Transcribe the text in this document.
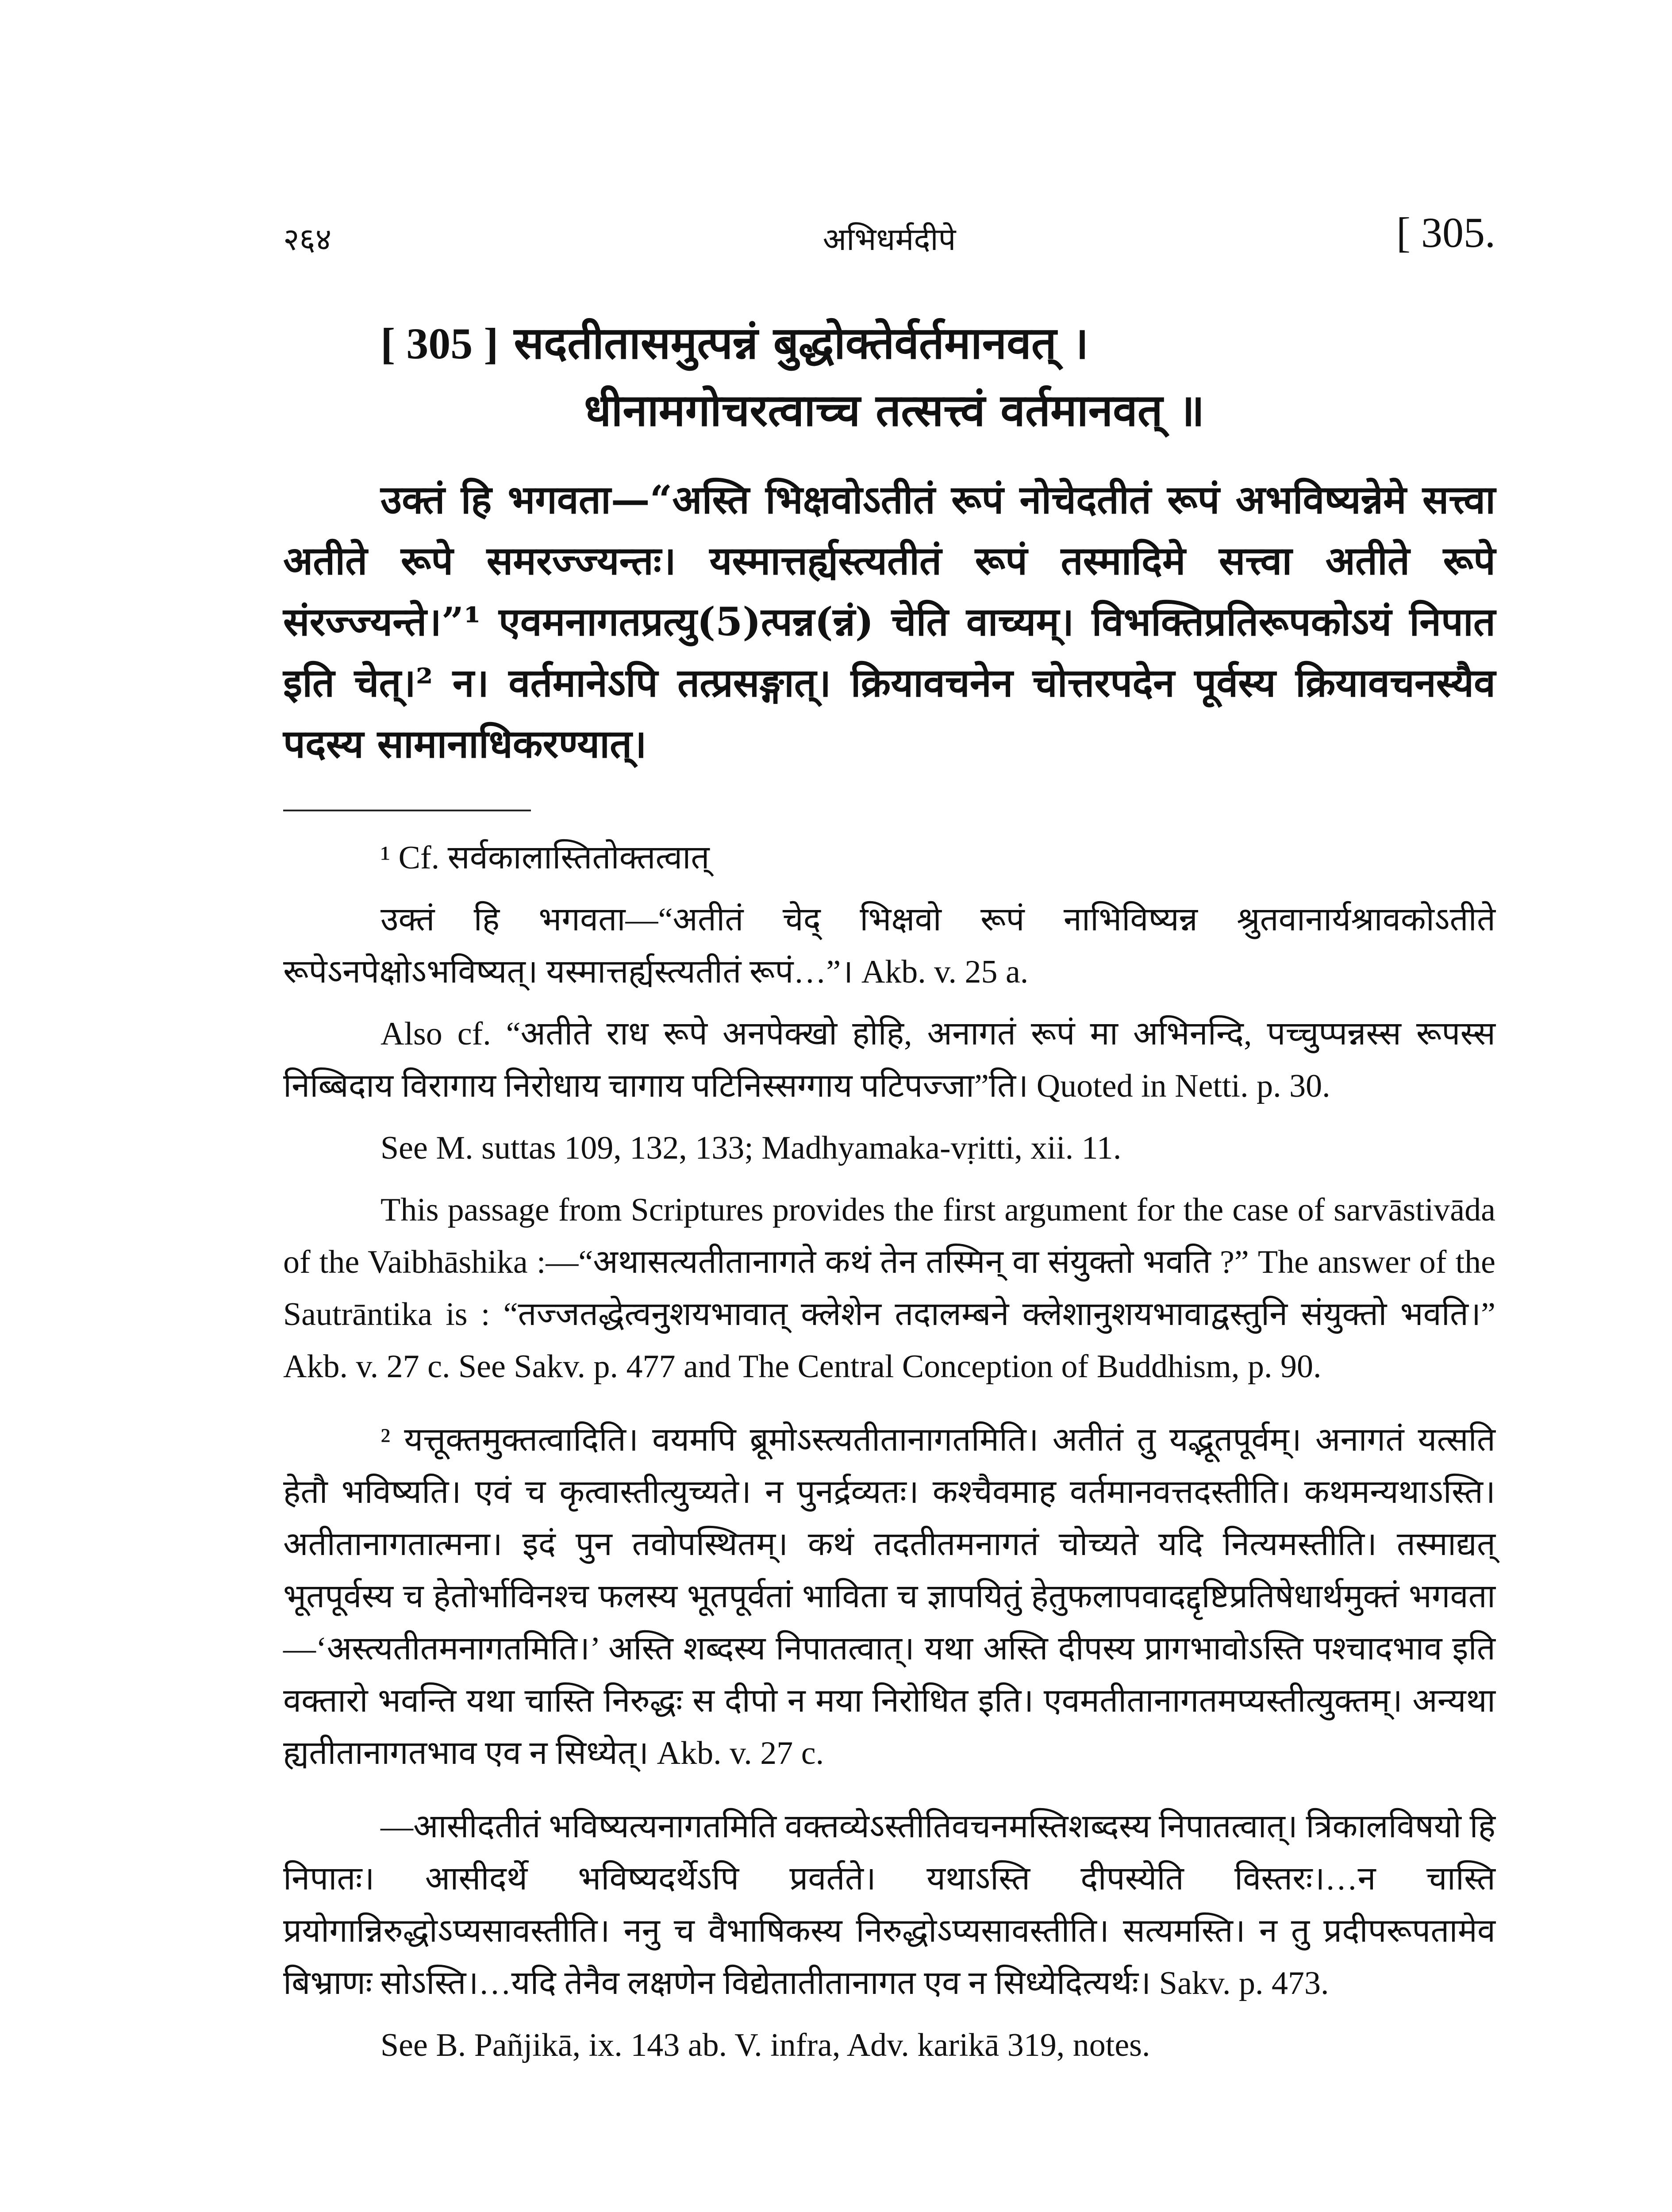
२६४	अभिधर्मदीपे	[ 305.
[ 305 ] सदतीतासमुत्पन्नं बुद्धोक्तेर्वर्तमानवत् ।
धीनामगोचरत्वाच्च तत्सत्त्वं वर्तमानवत् ॥

उक्तं हि भगवता—“अस्ति भिक्षवोऽतीतं रूपं नोचेदतीतं रूपं अभविष्यन्नेमे सत्त्वा अतीते रूपे समरज्ज्यन्तः। यस्मात्तर्ह्यस्त्यतीतं रूपं तस्मादिमे सत्त्वा अतीते रूपे संरज्ज्यन्ते।”¹ एवमनागतप्रत्यु(5)त्पन्न(न्नं) चेति वाच्यम्। विभक्तिप्रतिरूपकोऽयं निपात इति चेत्।² न। वर्तमानेऽपि तत्प्रसङ्गात्। क्रियावचनेन चोत्तरपदेन पूर्वस्य क्रियावचनस्यैव पदस्य सामानाधिकरण्यात्।

¹ Cf. सर्वकालास्तितोक्तत्वात्

उक्तं हि भगवता—“अतीतं चेद् भिक्षवो रूपं नाभिविष्यन्न श्रुतवानार्यश्रावकोऽतीते रूपेऽनपेक्षोऽभविष्यत्। यस्मात्तर्ह्यस्त्यतीतं रूपं…”। Akb. v. 25 a.

Also cf. “अतीते राध रूपे अनपेक्खो होहि, अनागतं रूपं मा अभिनन्दि, पच्चुप्पन्नस्स रूपस्स निब्बिदाय विरागाय निरोधाय चागाय पटिनिस्सग्गाय पटिपज्जा”ति। Quoted in Netti. p. 30.

See M. suttas 109, 132, 133; Madhyamaka-vṛitti, xii. 11.

This passage from Scriptures provides the first argument for the case of sarvāstivāda of the Vaibhāshika :—“अथासत्यतीतानागते कथं तेन तस्मिन् वा संयुक्तो भवति ?” The answer of the Sautrāntika is : “तज्जतद्धेत्वनुशयभावात् क्लेशेन तदालम्बने क्लेशानुशयभावाद्वस्तुनि संयुक्तो भवति।” Akb. v. 27 c. See Sakv. p. 477 and The Central Conception of Buddhism, p. 90.

² यत्तूक्तमुक्तत्वादिति। वयमपि ब्रूमोऽस्त्यतीतानागतमिति। अतीतं तु यद्भूतपूर्वम्। अनागतं यत्सति हेतौ भविष्यति। एवं च कृत्वास्तीत्युच्यते। न पुनर्द्रव्यतः। कश्चैवमाह वर्तमानवत्तदस्तीति। कथमन्यथाऽस्ति। अतीतानागतात्मना। इदं पुन तवोपस्थितम्। कथं तदतीतमनागतं चोच्यते यदि नित्यमस्तीति। तस्माद्यत् भूतपूर्वस्य च हेतोर्भाविनश्च फलस्य भूतपूर्वतां भाविता च ज्ञापयितुं हेतुफलापवादद्दृष्टिप्रतिषेधार्थमुक्तं भगवता—‘अस्त्यतीतमनागतमिति।’ अस्ति शब्दस्य निपातत्वात्। यथा अस्ति दीपस्य प्रागभावोऽस्ति पश्चादभाव इति वक्तारो भवन्ति यथा चास्ति निरुद्धः स दीपो न मया निरोधित इति। एवमतीतानागतमप्यस्तीत्युक्तम्। अन्यथा ह्यतीतानागतभाव एव न सिध्येत्। Akb. v. 27 c.

—आसीदतीतं भविष्यत्यनागतमिति वक्तव्येऽस्तीतिवचनमस्तिशब्दस्य निपातत्वात्। त्रिकालविषयो हि निपातः। आसीदर्थे भविष्यदर्थेऽपि प्रवर्तते। यथाऽस्ति दीपस्येति विस्तरः।…न चास्ति प्रयोगान्निरुद्धोऽप्यसावस्तीति। ननु च वैभाषिकस्य निरुद्धोऽप्यसावस्तीति। सत्यमस्ति। न तु प्रदीपरूपतामेव बिभ्राणः सोऽस्ति।…यदि तेनैव लक्षणेन विद्येतातीतानागत एव न सिध्येदित्यर्थः। Sakv. p. 473.

See B. Pañjikā, ix. 143 ab. V. infra, Adv. karikā 319, notes.
